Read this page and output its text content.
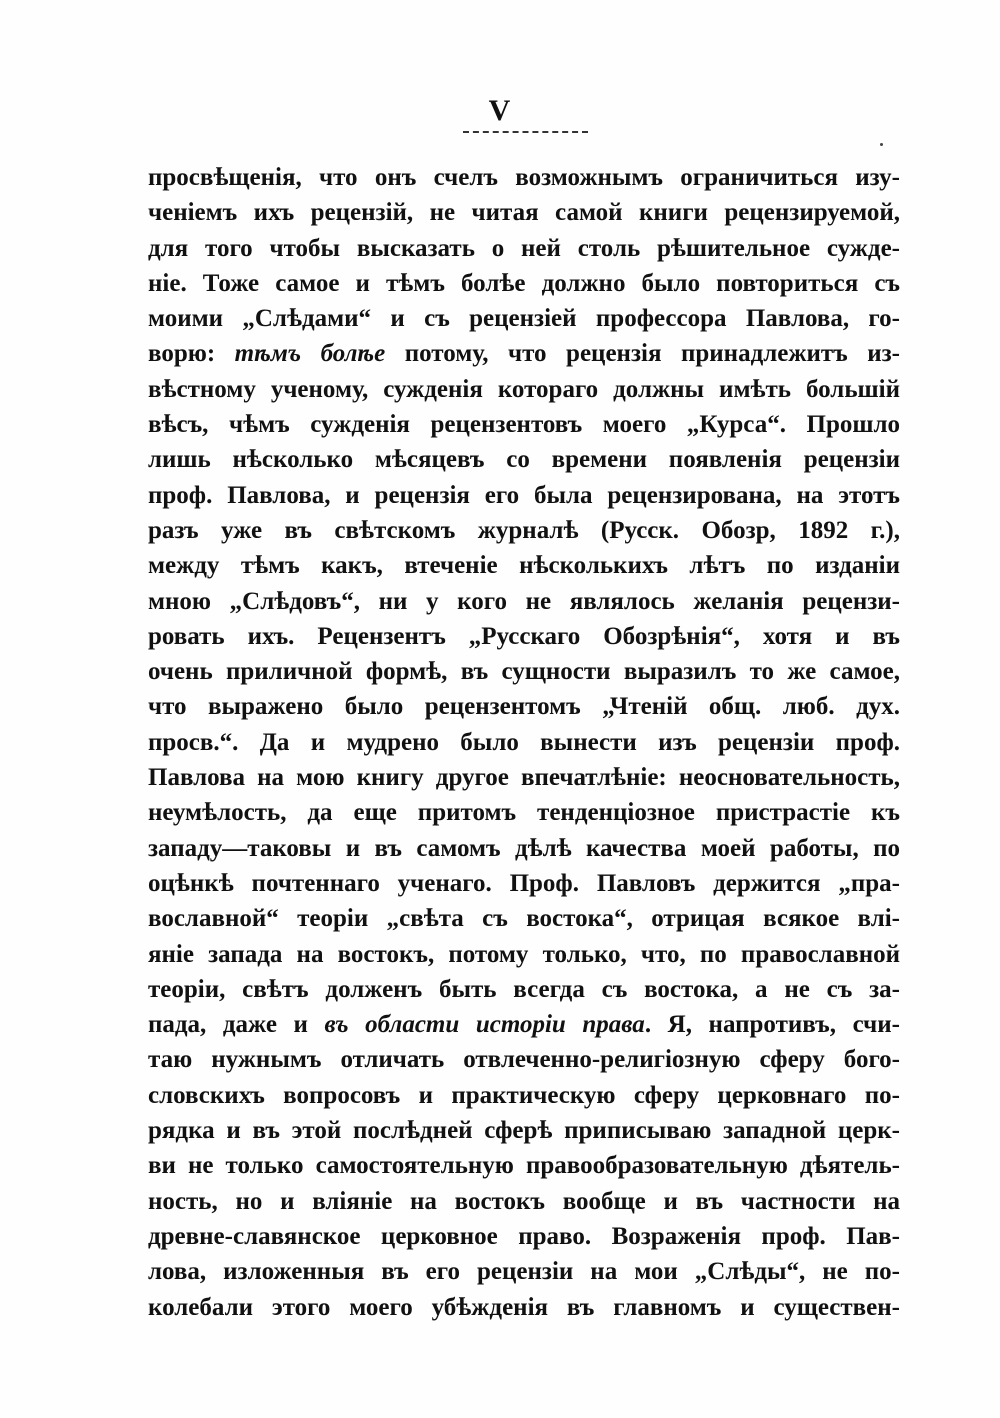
V
просвѣщенія, что онъ счелъ возможнымъ ограничиться изу-
ченіемъ ихъ рецензій, не читая самой книги рецензируемой,
для того чтобы высказать о ней столь рѣшительное сужде-
ніе. Тоже самое и тѣмъ болѣе должно было повториться съ
моими „Слѣдами“ и съ рецензіей профессора Павлова, го-
ворю: тѣмъ болѣе потому, что рецензія принадлежитъ из-
вѣстному ученому, сужденія котораго должны имѣть большій
вѣсъ, чѣмъ сужденія рецензентовъ моего „Курса“. Прошло
лишь нѣсколько мѣсяцевъ со времени появленія рецензіи
проф. Павлова, и рецензія его была рецензирована, на этотъ
разъ уже въ свѣтскомъ журналѣ (Русск. Обозр, 1892 г.),
между тѣмъ какъ, втеченіе нѣсколькихъ лѣтъ по изданіи
мною „Слѣдовъ“, ни у кого не являлось желанія рецензи-
ровать ихъ. Рецензентъ „Русскаго Обозрѣнія“, хотя и въ
очень приличной формѣ, въ сущности выразилъ то же самое,
что выражено было рецензентомъ „Чтеній общ. люб. дух.
просв.“. Да и мудрено было вынести изъ рецензіи проф.
Павлова на мою книгу другое впечатлѣніе: неосновательность,
неумѣлость, да еще притомъ тенденціозное пристрастіе къ
западу—таковы и въ самомъ дѣлѣ качества моей работы, по
оцѣнкѣ почтеннаго ученаго. Проф. Павловъ держится „пра-
вославной“ теоріи „свѣта съ востока“, отрицая всякое влі-
яніе запада на востокъ, потому только, что, по православной
теоріи, свѣтъ долженъ быть всегда съ востока, а не съ за-
пада, даже и въ области исторіи права. Я, напротивъ, счи-
таю нужнымъ отличать отвлеченно-религіозную сферу бого-
словскихъ вопросовъ и практическую сферу церковнаго по-
рядка и въ этой послѣдней сферѣ приписываю западной церк-
ви не только самостоятельную правообразовательную дѣятель-
ность, но и вліяніе на востокъ вообще и въ частности на
древне-славянское церковное право. Возраженія проф. Пав-
лова, изложенныя въ его рецензіи на мои „Слѣды“, не по-
колебали этого моего убѣжденія въ главномъ и существен-
